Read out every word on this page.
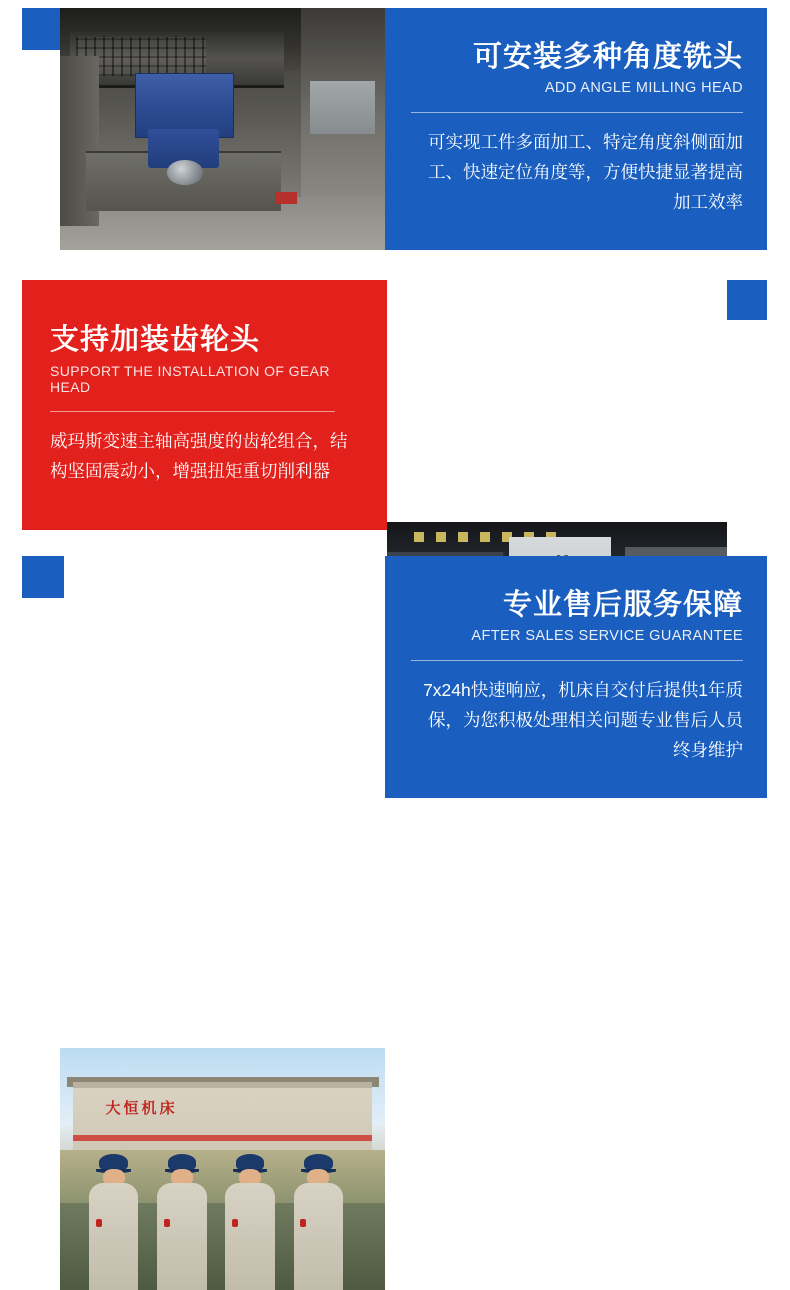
可安装多种角度铣头
ADD ANGLE MILLING HEAD

可实现工件多面加工、特定角度斜侧面加工、快速定位角度等，方便快捷显著提高加工效率

支持加装齿轮头
SUPPORT THE INSTALLATION OF GEAR HEAD

威玛斯变速主轴高强度的齿轮组合，结构坚固震动小，增强扭矩重切削利器

大恒机床
专业售后服务保障
AFTER SALES SERVICE GUARANTEE

7x24h快速响应，机床自交付后提供1年质保，为您积极处理相关问题专业售后人员终身维护
